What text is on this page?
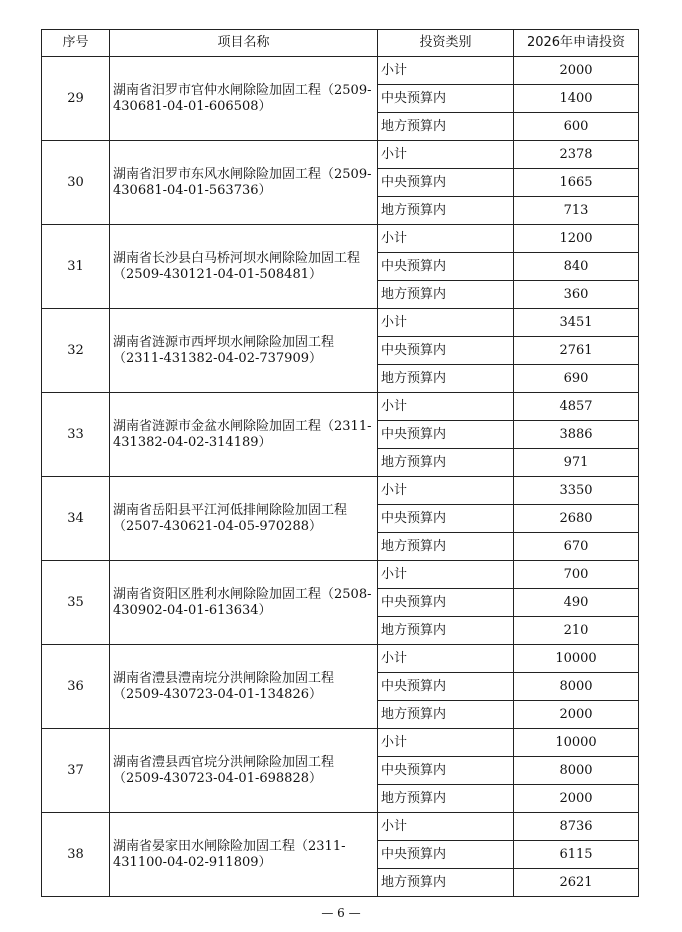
序号	项目名称	投资类别	2026年申请投资
29	湖南省汨罗市官仲水闸除险加固工程（2509-430681-04-01-606508）	小计	2000
		中央预算内	1400
		地方预算内	600
30	湖南省汨罗市东风水闸除险加固工程（2509-430681-04-01-563736）	小计	2378
		中央预算内	1665
		地方预算内	713
31	湖南省长沙县白马桥河坝水闸除险加固工程（2509-430121-04-01-508481）	小计	1200
		中央预算内	840
		地方预算内	360
32	湖南省涟源市西坪坝水闸除险加固工程（2311-431382-04-02-737909）	小计	3451
		中央预算内	2761
		地方预算内	690
33	湖南省涟源市金盆水闸除险加固工程（2311-431382-04-02-314189）	小计	4857
		中央预算内	3886
		地方预算内	971
34	湖南省岳阳县平江河低排闸除险加固工程（2507-430621-04-05-970288）	小计	3350
		中央预算内	2680
		地方预算内	670
35	湖南省资阳区胜利水闸除险加固工程（2508-430902-04-01-613634）	小计	700
		中央预算内	490
		地方预算内	210
36	湖南省澧县澧南垸分洪闸除险加固工程（2509-430723-04-01-134826）	小计	10000
		中央预算内	8000
		地方预算内	2000
37	湖南省澧县西官垸分洪闸除险加固工程（2509-430723-04-01-698828）	小计	10000
		中央预算内	8000
		地方预算内	2000
38	湖南省晏家田水闸除险加固工程（2311-431100-04-02-911809）	小计	8736
		中央预算内	6115
		地方预算内	2621
— 6 —
